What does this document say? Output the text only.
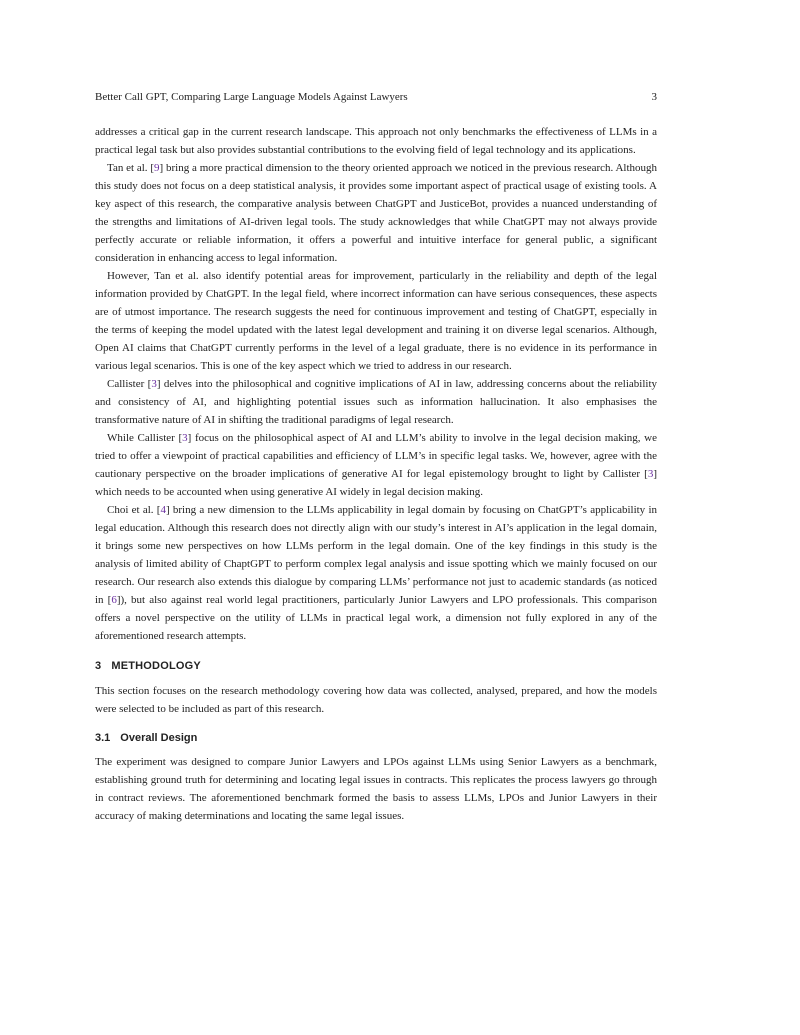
Better Call GPT, Comparing Large Language Models Against Lawyers	3

addresses a critical gap in the current research landscape. This approach not only benchmarks the effectiveness of LLMs in a practical legal task but also provides substantial contributions to the evolving field of legal technology and its applications.

Tan et al. [9] bring a more practical dimension to the theory oriented approach we noticed in the previous research. Although this study does not focus on a deep statistical analysis, it provides some important aspect of practical usage of existing tools. A key aspect of this research, the comparative analysis between ChatGPT and JusticeBot, provides a nuanced understanding of the strengths and limitations of AI-driven legal tools. The study acknowledges that while ChatGPT may not always provide perfectly accurate or reliable information, it offers a powerful and intuitive interface for general public, a significant consideration in enhancing access to legal information.

However, Tan et al. also identify potential areas for improvement, particularly in the reliability and depth of the legal information provided by ChatGPT. In the legal field, where incorrect information can have serious consequences, these aspects are of utmost importance. The research suggests the need for continuous improvement and testing of ChatGPT, especially in the terms of keeping the model updated with the latest legal development and training it on diverse legal scenarios. Although, Open AI claims that ChatGPT currently performs in the level of a legal graduate, there is no evidence in its performance in various legal scenarios. This is one of the key aspect which we tried to address in our research.

Callister [3] delves into the philosophical and cognitive implications of AI in law, addressing concerns about the reliability and consistency of AI, and highlighting potential issues such as information hallucination. It also emphasises the transformative nature of AI in shifting the traditional paradigms of legal research.

While Callister [3] focus on the philosophical aspect of AI and LLM’s ability to involve in the legal decision making, we tried to offer a viewpoint of practical capabilities and efficiency of LLM’s in specific legal tasks. We, however, agree with the cautionary perspective on the broader implications of generative AI for legal epistemology brought to light by Callister [3] which needs to be accounted when using generative AI widely in legal decision making.

Choi et al. [4] bring a new dimension to the LLMs applicability in legal domain by focusing on ChatGPT’s applicability in legal education. Although this research does not directly align with our study’s interest in AI’s application in the legal domain, it brings some new perspectives on how LLMs perform in the legal domain. One of the key findings in this study is the analysis of limited ability of ChaptGPT to perform complex legal analysis and issue spotting which we mainly focused on our research. Our research also extends this dialogue by comparing LLMs’ performance not just to academic standards (as noticed in [6]), but also against real world legal practitioners, particularly Junior Lawyers and LPO professionals. This comparison offers a novel perspective on the utility of LLMs in practical legal work, a dimension not fully explored in any of the aforementioned research attempts.

3 METHODOLOGY

This section focuses on the research methodology covering how data was collected, analysed, prepared, and how the models were selected to be included as part of this research.

3.1 Overall Design

The experiment was designed to compare Junior Lawyers and LPOs against LLMs using Senior Lawyers as a benchmark, establishing ground truth for determining and locating legal issues in contracts. This replicates the process lawyers go through in contract reviews. The aforementioned benchmark formed the basis to assess LLMs, LPOs and Junior Lawyers in their accuracy of making determinations and locating the same legal issues.
